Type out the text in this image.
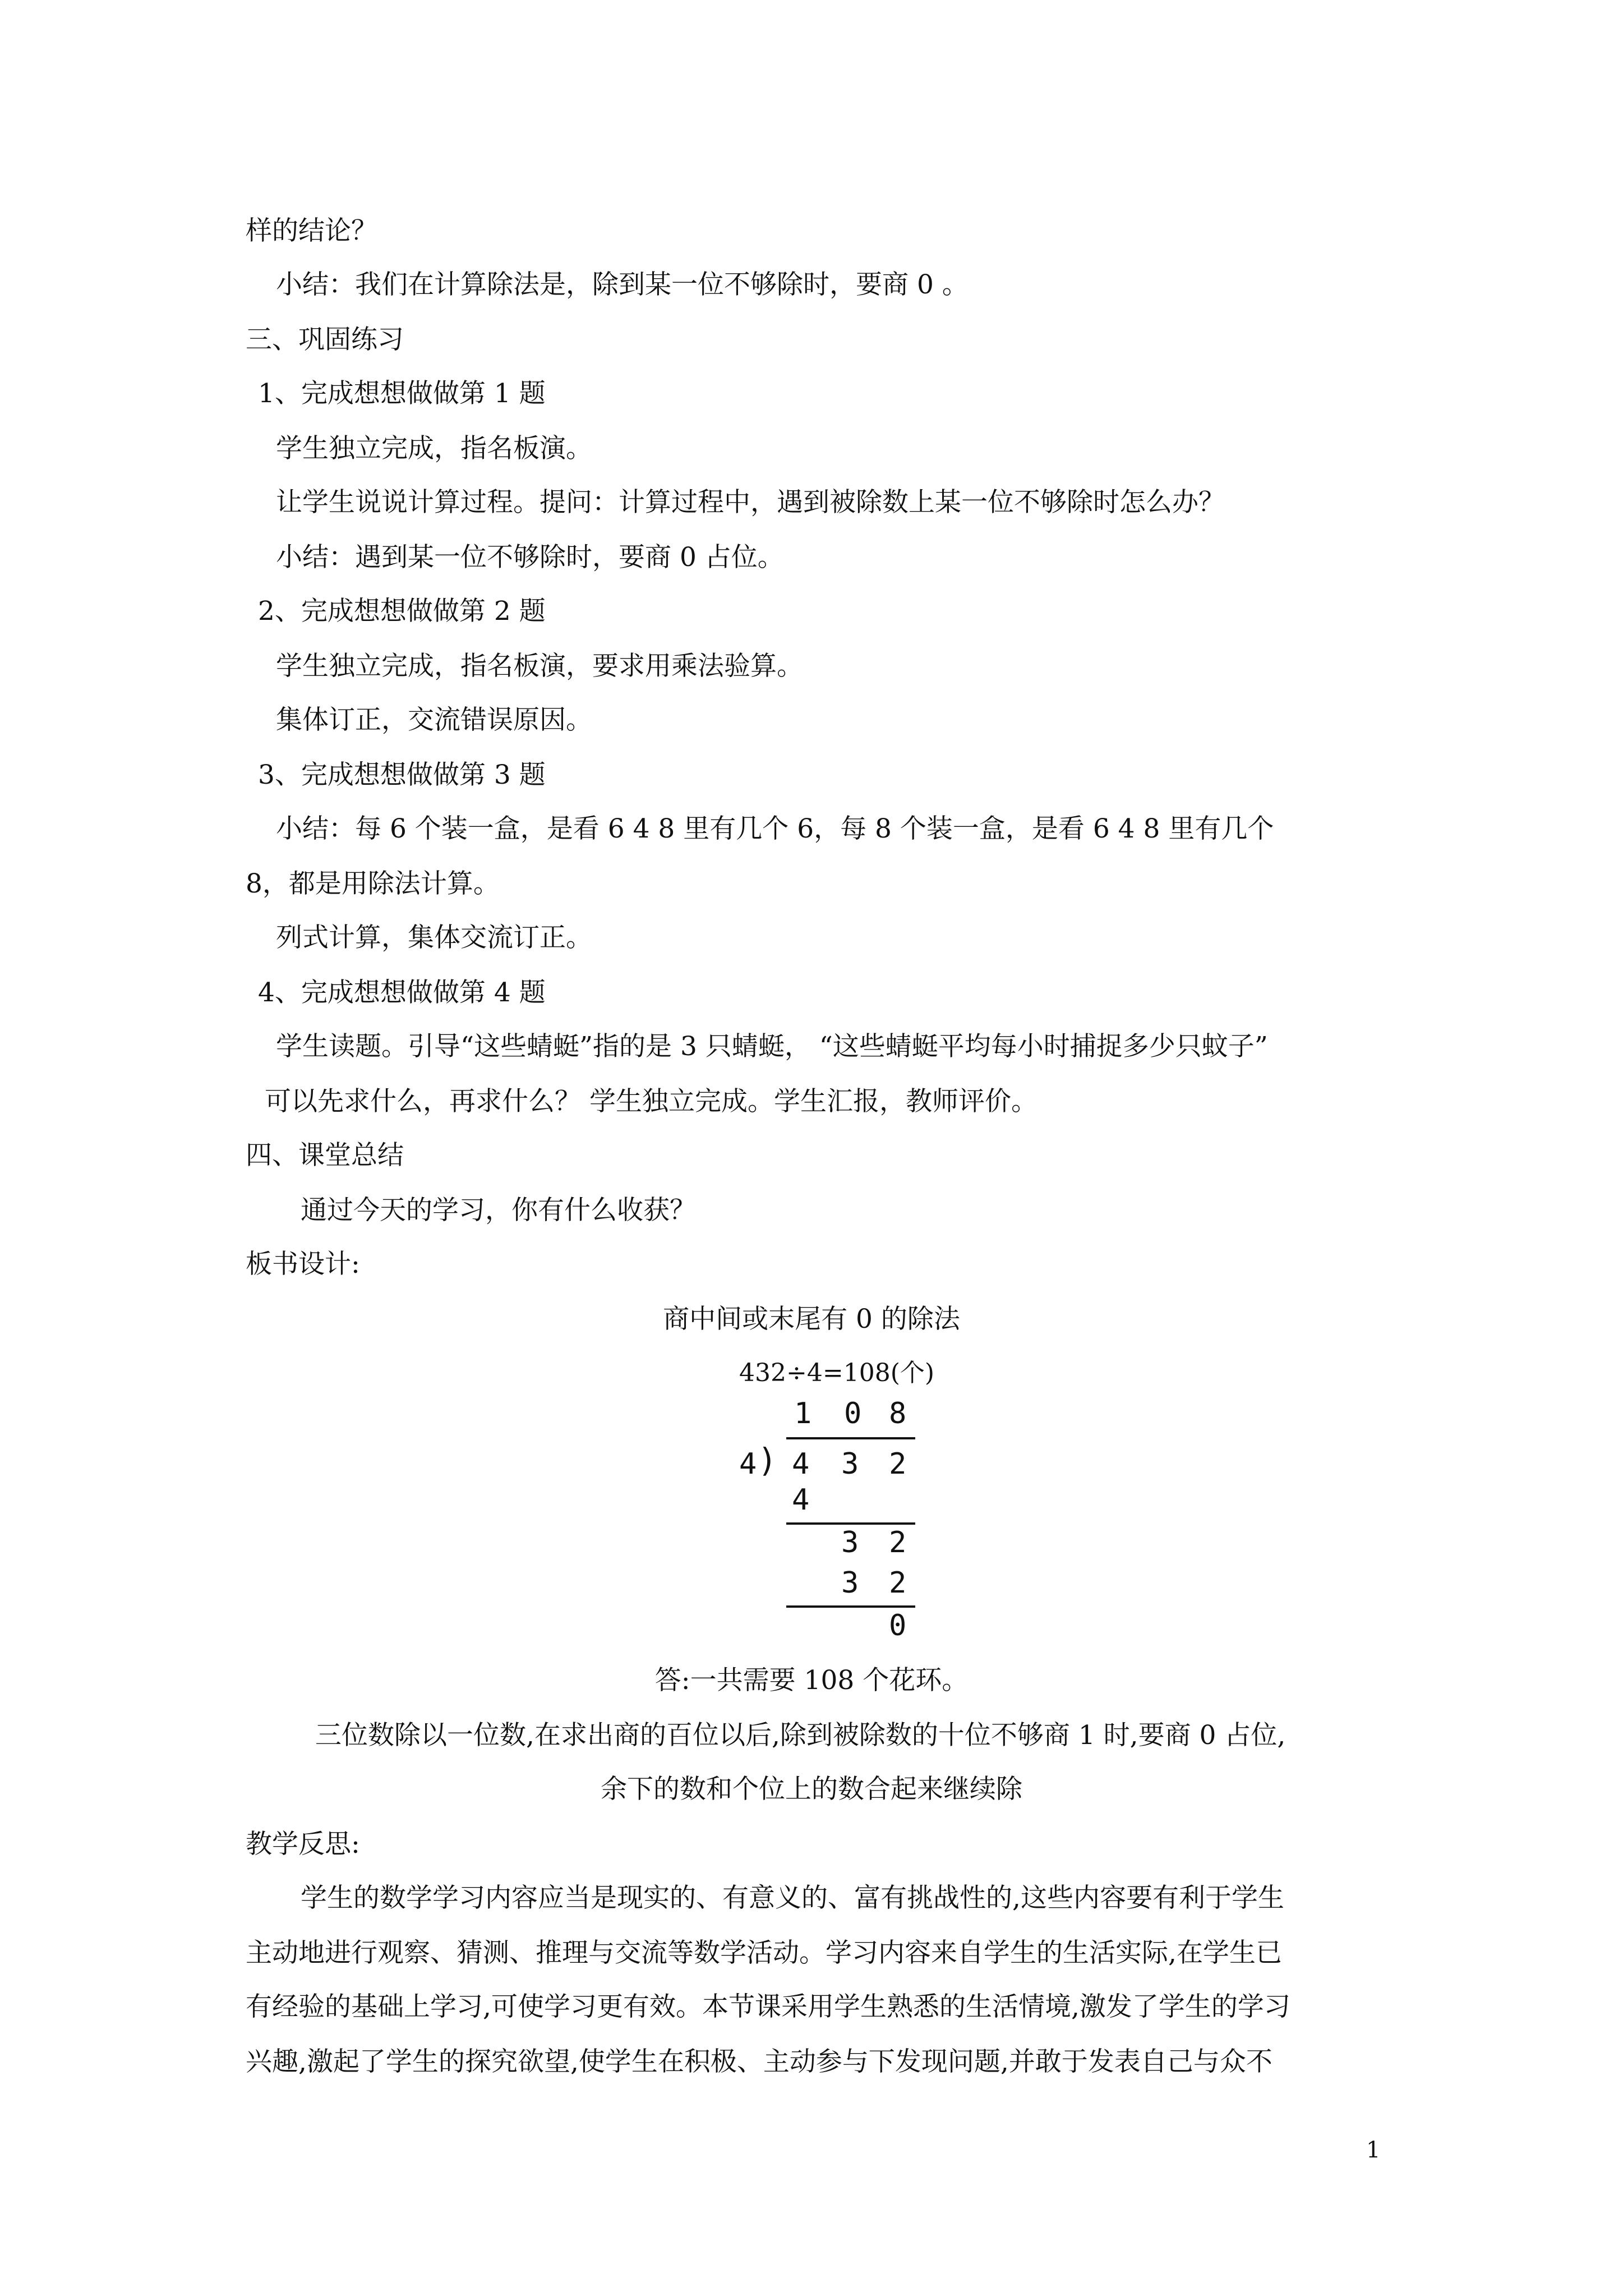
样的结论？
小结：我们在计算除法是，除到某一位不够除时，要商 0 。
三、巩固练习
1、完成想想做做第 1 题
学生独立完成，指名板演。
让学生说说计算过程。提问：计算过程中，遇到被除数上某一位不够除时怎么办？
小结：遇到某一位不够除时，要商 0 占位。
2、完成想想做做第 2 题
学生独立完成，指名板演，要求用乘法验算。
集体订正，交流错误原因。
3、完成想想做做第 3 题
小结：每 6 个装一盒，是看 6 4 8 里有几个 6，每 8 个装一盒，是看 6 4 8 里有几个
8，都是用除法计算。
列式计算，集体交流订正。
4、完成想想做做第 4 题
学生读题。引导“这些蜻蜓”指的是 3 只蜻蜓， “这些蜻蜓平均每小时捕捉多少只蚊子”
可以先求什么，再求什么？ 学生独立完成。学生汇报，教师评价。
四、课堂总结
通过今天的学习，你有什么收获？
板书设计:
商中间或末尾有 0 的除法
432÷4=108(个)
1 0 8
4 ) 4 3 2
4
3 2
3 2
0
答:一共需要 108 个花环。
三位数除以一位数,在求出商的百位以后,除到被除数的十位不够商 1 时,要商 0 占位,
余下的数和个位上的数合起来继续除
教学反思:
学生的数学学习内容应当是现实的、有意义的、富有挑战性的,这些内容要有利于学生
主动地进行观察、猜测、推理与交流等数学活动。学习内容来自学生的生活实际,在学生已
有经验的基础上学习,可使学习更有效。本节课采用学生熟悉的生活情境,激发了学生的学习
兴趣,激起了学生的探究欲望,使学生在积极、主动参与下发现问题,并敢于发表自己与众不
1
